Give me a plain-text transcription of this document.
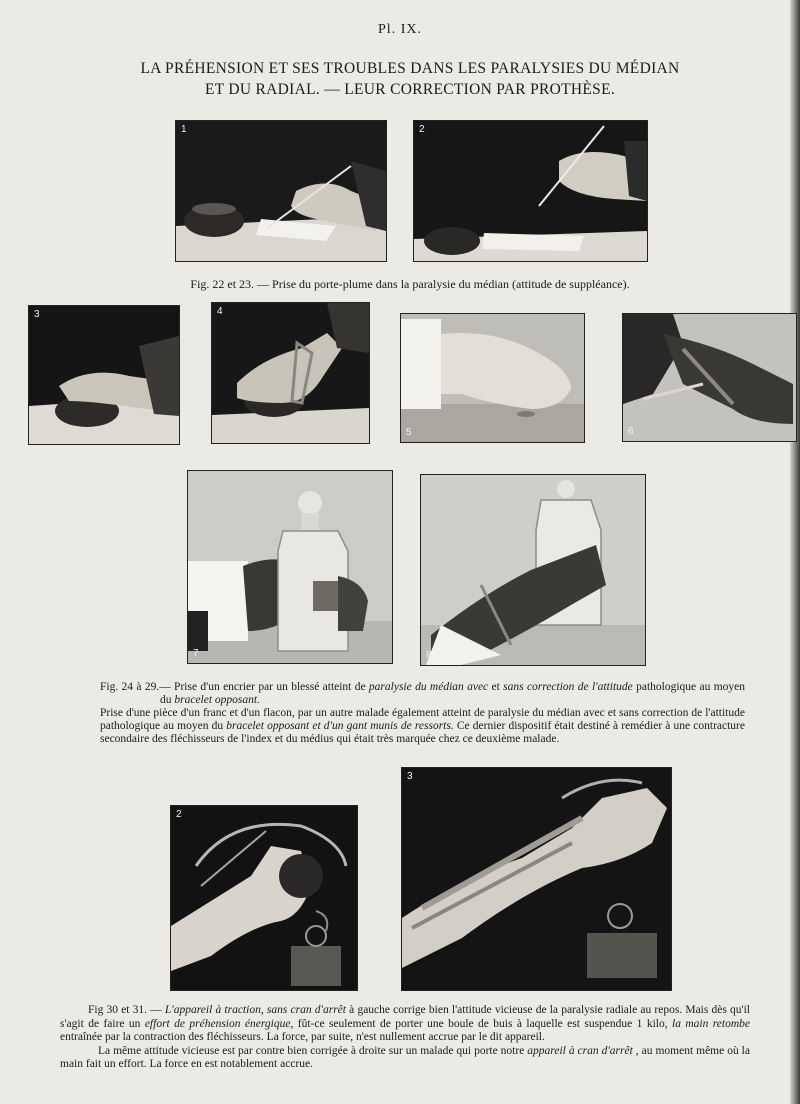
Pl. IX.
LA PRÉHENSION ET SES TROUBLES DANS LES PARALYSIES DU MÉDIAN
ET DU RADIAL. — LEUR CORRECTION PAR PROTHÈSE.
1	2
Fig. 22 et 23. — Prise du porte-plume dans la paralysie du médian (attitude de suppléance).
3	4
5	6
7	8
Fig. 24 à 29.— Prise d'un encrier par un blessé atteint de paralysie du médian avec et sans correction de l'attitude pathologique au moyen du bracelet opposant.
Prise d'une pièce d'un franc et d'un flacon, par un autre malade également atteint de paralysie du médian avec et sans correction de l'attitude pathologique au moyen du bracelet opposant et d'un gant munis de ressorts. Ce dernier dispositif était destiné à remédier à une contracture secondaire des fléchisseurs de l'index et du médius qui était très marquée chez ce deuxième malade.
2
3
Fig 30 et 31. — L'appareil à traction, sans cran d'arrêt à gauche corrige bien l'attitude vicieuse de la paralysie radiale au repos. Mais dès qu'il s'agit de faire un effort de préhension énergique, fût-ce seulement de porter une boule de buis à laquelle est suspendue 1 kilo, la main retombe entraînée par la contraction des fléchisseurs. La force, par suite, n'est nullement accrue par le dit appareil.
La même attitude vicieuse est par contre bien corrigée à droite sur un malade qui porte notre appareil à cran d'arrêt , au moment même où la main fait un effort. La force en est notablement accrue.
